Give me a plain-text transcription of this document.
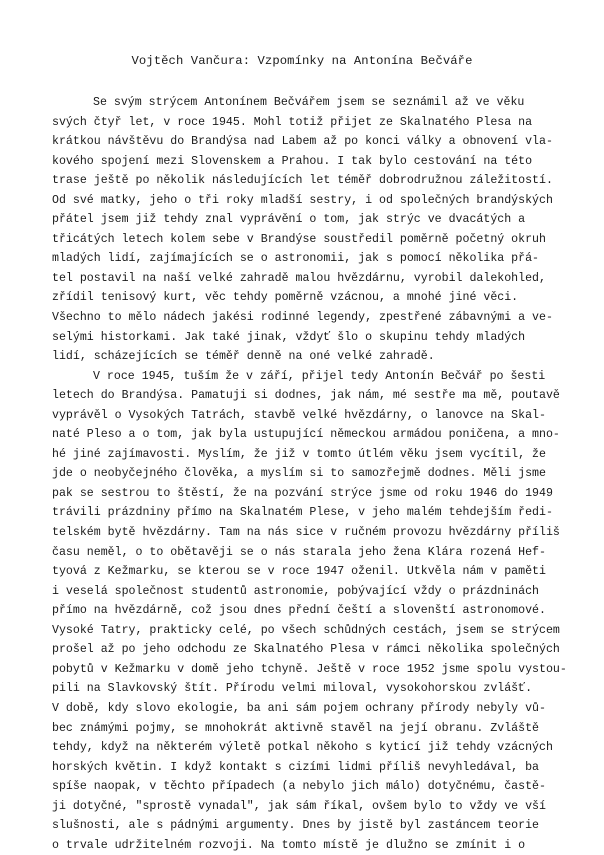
Vojtěch Vančura: Vzpomínky na Antonína Bečváře
Se svým strýcem Antonínem Bečvářem jsem se seznámil až ve věku
svých čtyř let, v roce 1945. Mohl totiž přijet ze Skalnatého Plesa na
krátkou návštěvu do Brandýsa nad Labem až po konci války a obnovení vla-
kového spojení mezi Slovenskem a Prahou. I tak bylo cestování na této
trase ještě po několik následujících let téměř dobrodružnou záležitostí.
Od své matky, jeho o tři roky mladší sestry, i od společných brandýských
přátel jsem již tehdy znal vyprávění o tom, jak strýc ve dvacátých a
třicátých letech kolem sebe v Brandýse soustředil poměrně početný okruh
mladých lidí, zajímajících se o astronomii, jak s pomocí několika přá-
tel postavil na naší velké zahradě malou hvězdárnu, vyrobil dalekohled,
zřídil tenisový kurt, věc tehdy poměrně vzácnou, a mnohé jiné věci.
Všechno to mělo nádech jakési rodinné legendy, zpestřené zábavnými a ve-
selými historkami. Jak také jinak, vždyť šlo o skupinu tehdy mladých
lidí, scházejících se téměř denně na oné velké zahradě.
V roce 1945, tuším že v září, přijel tedy Antonín Bečvář po šesti
letech do Brandýsa. Pamatuji si dodnes, jak nám, mé sestře ma mě, poutavě
vyprávěl o Vysokých Tatrách, stavbě velké hvězdárny, o lanovce na Skal-
naté Pleso a o tom, jak byla ustupující německou armádou poničena, a mno-
hé jiné zajímavosti. Myslím, že již v tomto útlém věku jsem vycítil, že
jde o neobyčejného člověka, a myslím si to samozřejmě dodnes. Měli jsme
pak se sestrou to štěstí, že na pozvání strýce jsme od roku 1946 do 1949
trávili prázdniny přímo na Skalnatém Plese, v jeho malém tehdejším ředi-
telském bytě hvězdárny. Tam na nás sice v ručném provozu hvězdárny příliš
času neměl, o to obětavěji se o nás starala jeho žena Klára rozená Hef-
tyová z Kežmarku, se kterou se v roce 1947 oženil. Utkvěla nám v paměti
i veselá společnost studentů astronomie, pobývající vždy o prázdninách
přímo na hvězdárně, což jsou dnes přední čeští a slovenští astronomové.
Vysoké Tatry, prakticky celé, po všech schůdných cestách, jsem se strýcem
prošel až po jeho odchodu ze Skalnatého Plesa v rámci několika společných
pobytů v Kežmarku v domě jeho tchyně. Ještě v roce 1952 jsme spolu vystou-
pili na Slavkovský štít. Přírodu velmi miloval, vysokohorskou zvlášť.
V době, kdy slovo ekologie, ba ani sám pojem ochrany přírody nebyly vů-
bec známými pojmy, se mnohokrát aktivně stavěl na její obranu. Zvláště
tehdy, když na některém výletě potkal někoho s kyticí již tehdy vzácných
horských květin. I když kontakt s cizími lidmi příliš nevyhledával, ba
spíše naopak, v těchto případech (a nebylo jich málo) dotyčnému, častě-
ji dotyčné, "sprostě vynadal", jak sám říkal, ovšem bylo to vždy ve vší
slušnosti, ale s pádnými argumenty. Dnes by jistě byl zastáncem teorie
o trvale udržitelném rozvoji. Na tomto místě je dlužno se zmínit i o
